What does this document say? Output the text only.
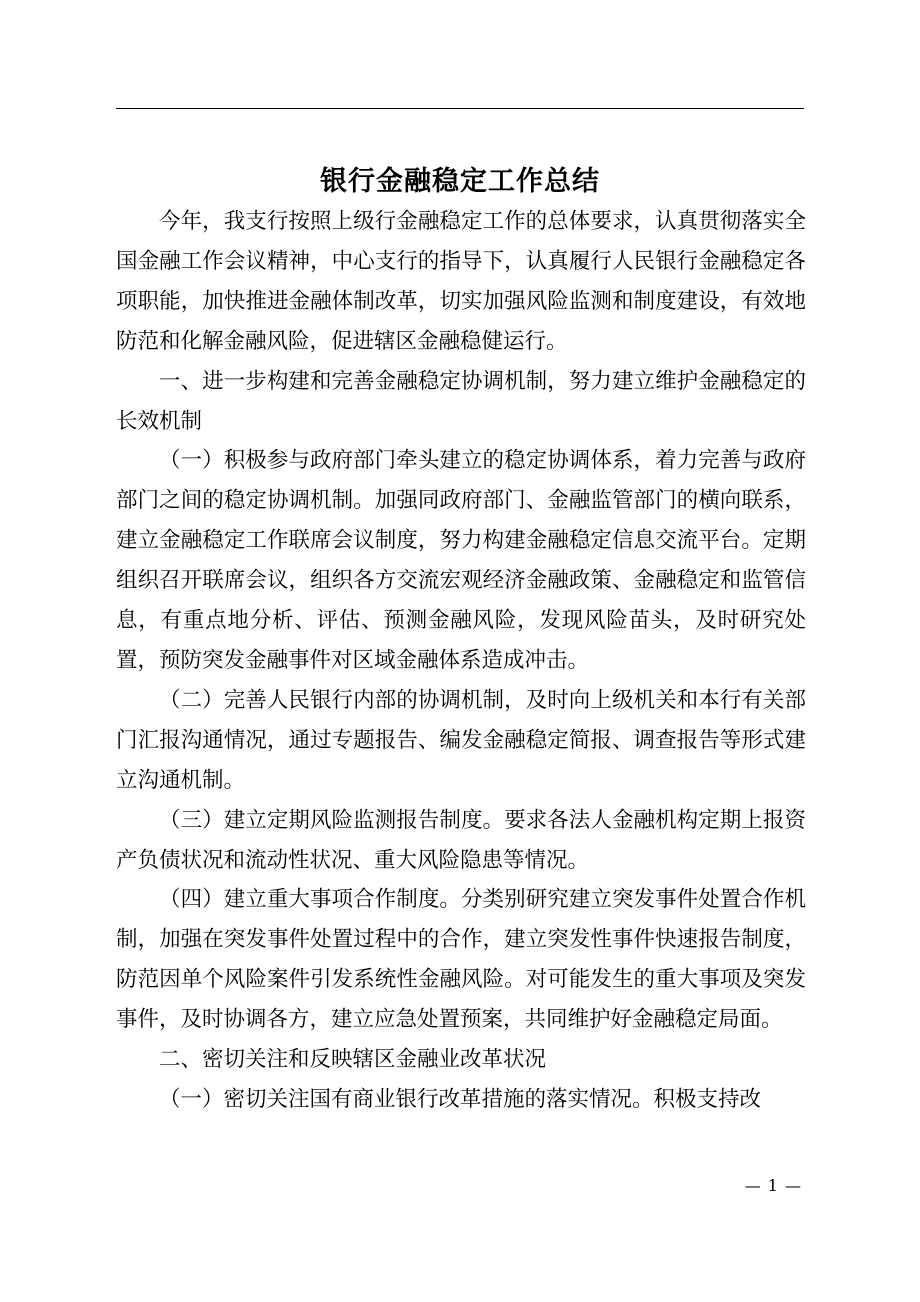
银行金融稳定工作总结

今年，我支行按照上级行金融稳定工作的总体要求，认真贯彻落实全国金融工作会议精神，中心支行的指导下，认真履行人民银行金融稳定各项职能，加快推进金融体制改革，切实加强风险监测和制度建设，有效地防范和化解金融风险，促进辖区金融稳健运行。

一、进一步构建和完善金融稳定协调机制，努力建立维护金融稳定的长效机制

（一）积极参与政府部门牵头建立的稳定协调体系，着力完善与政府部门之间的稳定协调机制。加强同政府部门、金融监管部门的横向联系，建立金融稳定工作联席会议制度，努力构建金融稳定信息交流平台。定期组织召开联席会议，组织各方交流宏观经济金融政策、金融稳定和监管信息，有重点地分析、评估、预测金融风险，发现风险苗头，及时研究处置，预防突发金融事件对区域金融体系造成冲击。

（二）完善人民银行内部的协调机制，及时向上级机关和本行有关部门汇报沟通情况，通过专题报告、编发金融稳定简报、调查报告等形式建立沟通机制。

（三）建立定期风险监测报告制度。要求各法人金融机构定期上报资产负债状况和流动性状况、重大风险隐患等情况。

（四）建立重大事项合作制度。分类别研究建立突发事件处置合作机制，加强在突发事件处置过程中的合作，建立突发性事件快速报告制度，防范因单个风险案件引发系统性金融风险。对可能发生的重大事项及突发事件，及时协调各方，建立应急处置预案，共同维护好金融稳定局面。

二、密切关注和反映辖区金融业改革状况

（一）密切关注国有商业银行改革措施的落实情况。积极支持改

— 1 —
